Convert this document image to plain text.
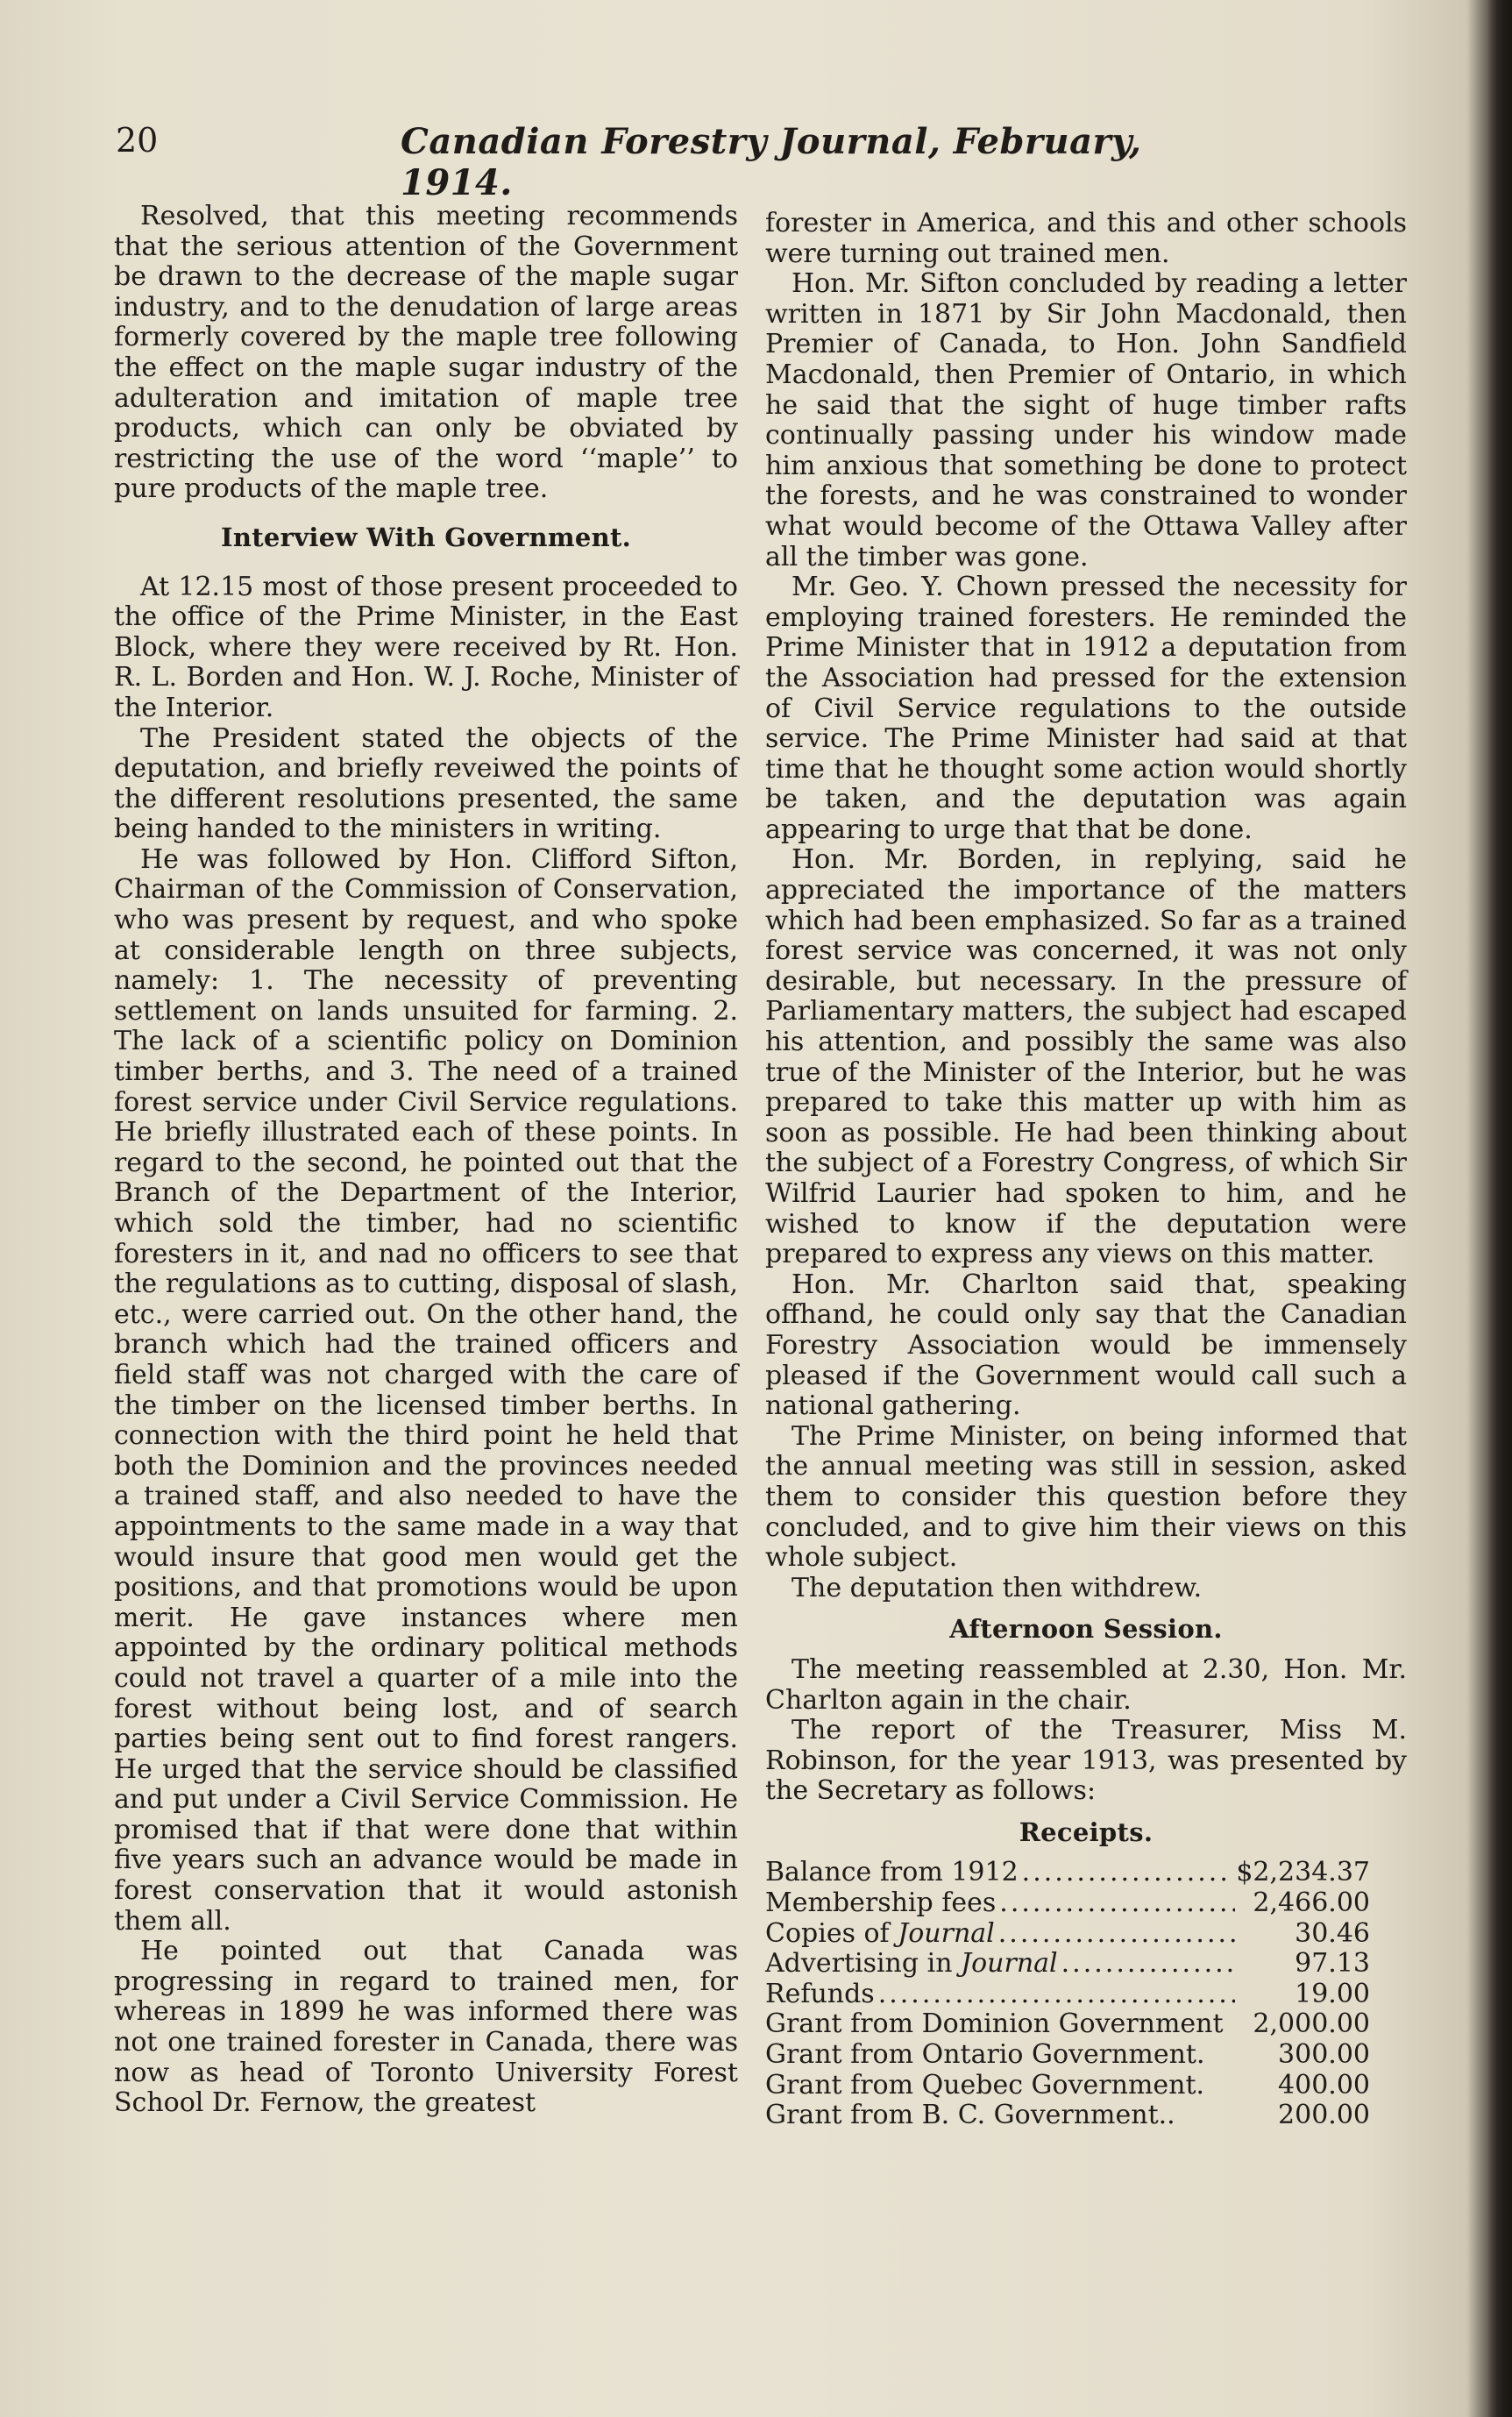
20	Canadian Forestry Journal, February, 1914.

Resolved, that this meeting recommends that the serious attention of the Government be drawn to the decrease of the maple sugar industry, and to the denudation of large areas formerly covered by the maple tree following the effect on the maple sugar industry of the adulteration and imitation of maple tree products, which can only be obviated by restricting the use of the word ‘‘maple’’ to pure products of the maple tree.

Interview With Government.

At 12.15 most of those present proceeded to the office of the Prime Minister, in the East Block, where they were received by Rt. Hon. R. L. Borden and Hon. W. J. Roche, Minister of the Interior.

The President stated the objects of the deputation, and briefly reveiwed the points of the different resolutions presented, the same being handed to the ministers in writing.

He was followed by Hon. Clifford Sifton, Chairman of the Commission of Conservation, who was present by request, and who spoke at considerable length on three subjects, namely: 1. The necessity of preventing settlement on lands unsuited for farming. 2. The lack of a scientific policy on Dominion timber berths, and 3. The need of a trained forest service under Civil Service regulations. He briefly illustrated each of these points. In regard to the second, he pointed out that the Branch of the Department of the Interior, which sold the timber, had no scientific foresters in it, and nad no officers to see that the regulations as to cutting, disposal of slash, etc., were carried out. On the other hand, the branch which had the trained officers and field staff was not charged with the care of the timber on the licensed timber berths. In connection with the third point he held that both the Dominion and the provinces needed a trained staff, and also needed to have the appointments to the same made in a way that would insure that good men would get the positions, and that promotions would be upon merit. He gave instances where men appointed by the ordinary political methods could not travel a quarter of a mile into the forest without being lost, and of search parties being sent out to find forest rangers. He urged that the service should be classified and put under a Civil Service Commission. He promised that if that were done that within five years such an advance would be made in forest conservation that it would astonish them all.

He pointed out that Canada was progressing in regard to trained men, for whereas in 1899 he was informed there was not one trained forester in Canada, there was now as head of Toronto University Forest School Dr. Fernow, the greatest

forester in America, and this and other schools were turning out trained men.

Hon. Mr. Sifton concluded by reading a letter written in 1871 by Sir John Macdonald, then Premier of Canada, to Hon. John Sandfield Macdonald, then Premier of Ontario, in which he said that the sight of huge timber rafts continually passing under his window made him anxious that something be done to protect the forests, and he was constrained to wonder what would become of the Ottawa Valley after all the timber was gone.

Mr. Geo. Y. Chown pressed the necessity for employing trained foresters. He reminded the Prime Minister that in 1912 a deputation from the Association had pressed for the extension of Civil Service regulations to the outside service. The Prime Minister had said at that time that he thought some action would shortly be taken, and the deputation was again appearing to urge that that be done.

Hon. Mr. Borden, in replying, said he appreciated the importance of the matters which had been emphasized. So far as a trained forest service was concerned, it was not only desirable, but necessary. In the pressure of Parliamentary matters, the subject had escaped his attention, and possibly the same was also true of the Minister of the Interior, but he was prepared to take this matter up with him as soon as possible. He had been thinking about the subject of a Forestry Congress, of which Sir Wilfrid Laurier had spoken to him, and he wished to know if the deputation were prepared to express any views on this matter.

Hon. Mr. Charlton said that, speaking offhand, he could only say that the Canadian Forestry Association would be immensely pleased if the Government would call such a national gathering.

The Prime Minister, on being informed that the annual meeting was still in session, asked them to consider this question before they concluded, and to give him their views on this whole subject.

The deputation then withdrew.

Afternoon Session.

The meeting reassembled at 2.30, Hon. Mr. Charlton again in the chair.

The report of the Treasurer, Miss M. Robinson, for the year 1913, was presented by the Secretary as follows:

Receipts.
Balance from 1912 .....	$2,234.37
Membership fees .....	2,466.00
Copies of Journal .....	30.46
Advertising in Journal .....	97.13
Refunds .....	19.00
Grant from Dominion Government	2,000.00
Grant from Ontario Government.	300.00
Grant from Quebec Government.	400.00
Grant from B. C. Government..	200.00
